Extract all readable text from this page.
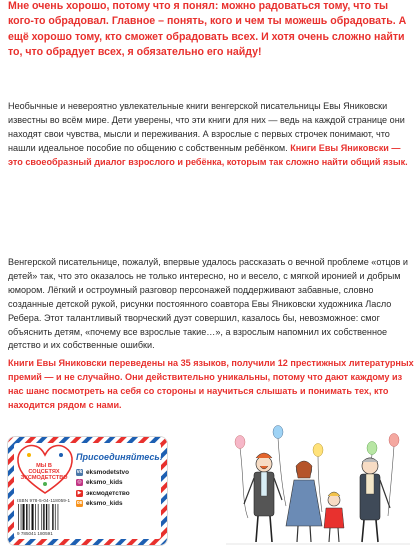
Мне очень хорошо, потому что я понял: можно радоваться тому, что ты кого-то обрадовал. Главное – понять, кого и чем ты можешь обрадовать. А ещё хорошо тому, кто сможет обрадовать всех. И хотя очень сложно найти то, что обрадует всех, я обязательно его найду!

Необычные и невероятно увлекательные книги венгерской писательницы Евы Яниковски известны во всём мире. Дети уверены, что эти книги для них — ведь на каждой странице они находят свои чувства, мысли и переживания. А взрослые с первых строчек понимают, что нашли идеальное пособие по общению с собственным ребёнком. Книги Евы Яниковски — это своеобразный диалог взрослого и ребёнка, которым так сложно найти общий язык.

Венгерской писательнице, пожалуй, впервые удалось рассказать о вечной проблеме «отцов и детей» так, что это оказалось не только интересно, но и весело, с мягкой иронией и добрым юмором. Лёгкий и остроумный разговор персонажей поддерживают забавные, словно созданные детской рукой, рисунки постоянного соавтора Евы Яниковски художника Ласло Ребера. Этот талантливый творческий дуэт совершил, казалось бы, невозможное: смог объяснить детям, «почему все взрослые такие…», а взрослым напомнил их собственное детство и их собственные ошибки.

Книги Евы Яниковски переведены на 35 языков, получили 12 престижных литературных премий — и не случайно. Они действительно уникальны, потому что дают каждому из нас шанс посмотреть на себя со стороны и научиться слышать и понимать тех, кто находится рядом с нами.

МЫ В СОЦСЕТЯХ ЭКСМОДЕТСТВО
Присоединяйтесь!
vk eksmodetstvo
◎ eksmo_kids
▶ эксмодетство
ок eksmo_kids
ISBN 978-5-04-118059-1
9 785041 180591
